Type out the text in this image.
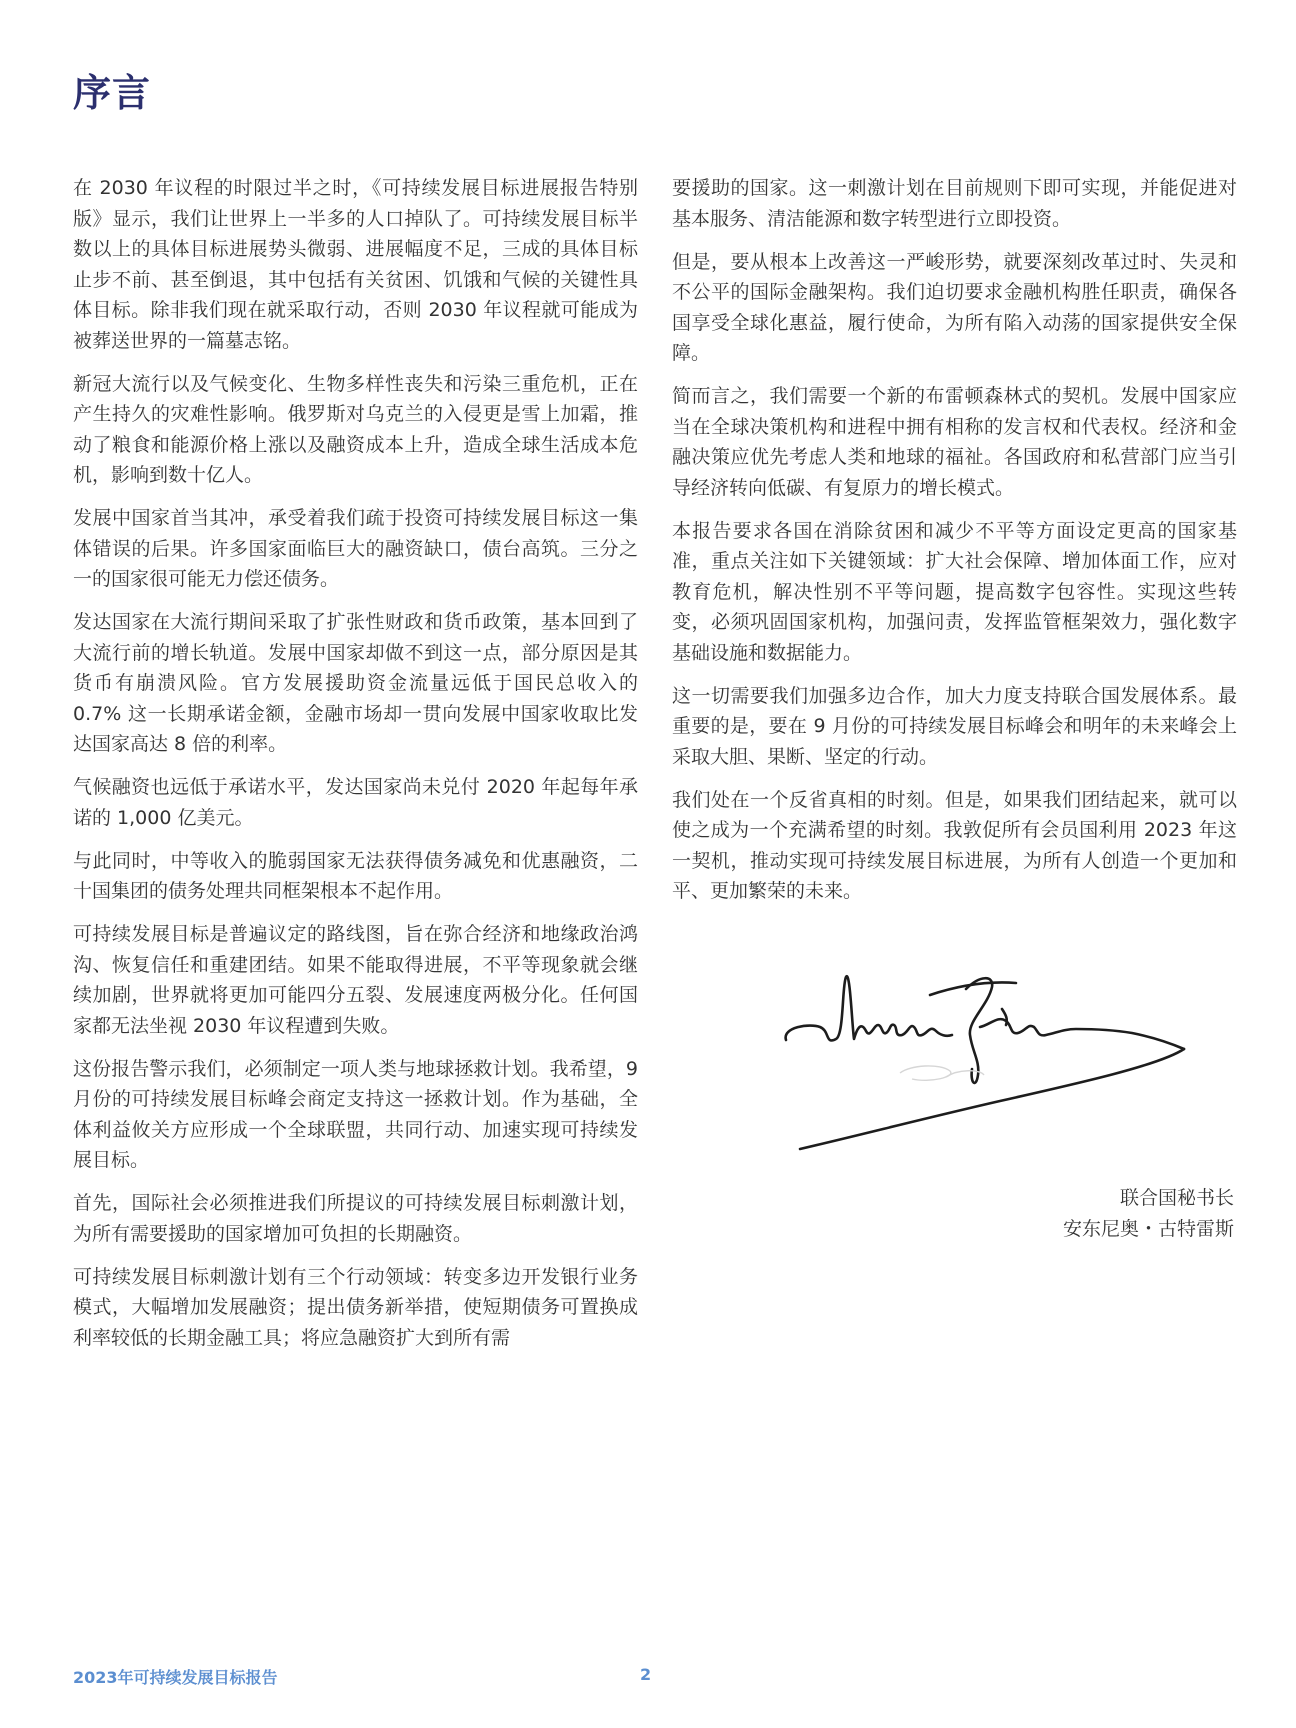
序言

在 2030 年议程的时限过半之时，《可持续发展目标进展报告特别版》显示，我们让世界上一半多的人口掉队了。可持续发展目标半数以上的具体目标进展势头微弱、进展幅度不足，三成的具体目标止步不前、甚至倒退，其中包括有关贫困、饥饿和气候的关键性具体目标。除非我们现在就采取行动，否则 2030 年议程就可能成为被葬送世界的一篇墓志铭。

新冠大流行以及气候变化、生物多样性丧失和污染三重危机，正在产生持久的灾难性影响。俄罗斯对乌克兰的入侵更是雪上加霜，推动了粮食和能源价格上涨以及融资成本上升，造成全球生活成本危机，影响到数十亿人。

发展中国家首当其冲，承受着我们疏于投资可持续发展目标这一集体错误的后果。许多国家面临巨大的融资缺口，债台高筑。三分之一的国家很可能无力偿还债务。

发达国家在大流行期间采取了扩张性财政和货币政策，基本回到了大流行前的增长轨道。发展中国家却做不到这一点，部分原因是其货币有崩溃风险。官方发展援助资金流量远低于国民总收入的 0.7% 这一长期承诺金额，金融市场却一贯向发展中国家收取比发达国家高达 8 倍的利率。

气候融资也远低于承诺水平，发达国家尚未兑付 2020 年起每年承诺的 1,000 亿美元。

与此同时，中等收入的脆弱国家无法获得债务减免和优惠融资，二十国集团的债务处理共同框架根本不起作用。

可持续发展目标是普遍议定的路线图，旨在弥合经济和地缘政治鸿沟、恢复信任和重建团结。如果不能取得进展，不平等现象就会继续加剧，世界就将更加可能四分五裂、发展速度两极分化。任何国家都无法坐视 2030 年议程遭到失败。

这份报告警示我们，必须制定一项人类与地球拯救计划。我希望，9 月份的可持续发展目标峰会商定支持这一拯救计划。作为基础，全体利益攸关方应形成一个全球联盟，共同行动、加速实现可持续发展目标。

首先，国际社会必须推进我们所提议的可持续发展目标刺激计划，为所有需要援助的国家增加可负担的长期融资。

可持续发展目标刺激计划有三个行动领域：转变多边开发银行业务模式，大幅增加发展融资；提出债务新举措，使短期债务可置换成利率较低的长期金融工具；将应急融资扩大到所有需

要援助的国家。这一刺激计划在目前规则下即可实现，并能促进对基本服务、清洁能源和数字转型进行立即投资。

但是，要从根本上改善这一严峻形势，就要深刻改革过时、失灵和不公平的国际金融架构。我们迫切要求金融机构胜任职责，确保各国享受全球化惠益，履行使命，为所有陷入动荡的国家提供安全保障。

简而言之，我们需要一个新的布雷顿森林式的契机。发展中国家应当在全球决策机构和进程中拥有相称的发言权和代表权。经济和金融决策应优先考虑人类和地球的福祉。各国政府和私营部门应当引导经济转向低碳、有复原力的增长模式。

本报告要求各国在消除贫困和减少不平等方面设定更高的国家基准，重点关注如下关键领域：扩大社会保障、增加体面工作，应对教育危机，解决性别不平等问题，提高数字包容性。实现这些转变，必须巩固国家机构，加强问责，发挥监管框架效力，强化数字基础设施和数据能力。

这一切需要我们加强多边合作，加大力度支持联合国发展体系。最重要的是，要在 9 月份的可持续发展目标峰会和明年的未来峰会上采取大胆、果断、坚定的行动。

我们处在一个反省真相的时刻。但是，如果我们团结起来，就可以使之成为一个充满希望的时刻。我敦促所有会员国利用 2023 年这一契机，推动实现可持续发展目标进展，为所有人创造一个更加和平、更加繁荣的未来。

联合国秘书长
安东尼奥・古特雷斯
2023年可持续发展目标报告	2
